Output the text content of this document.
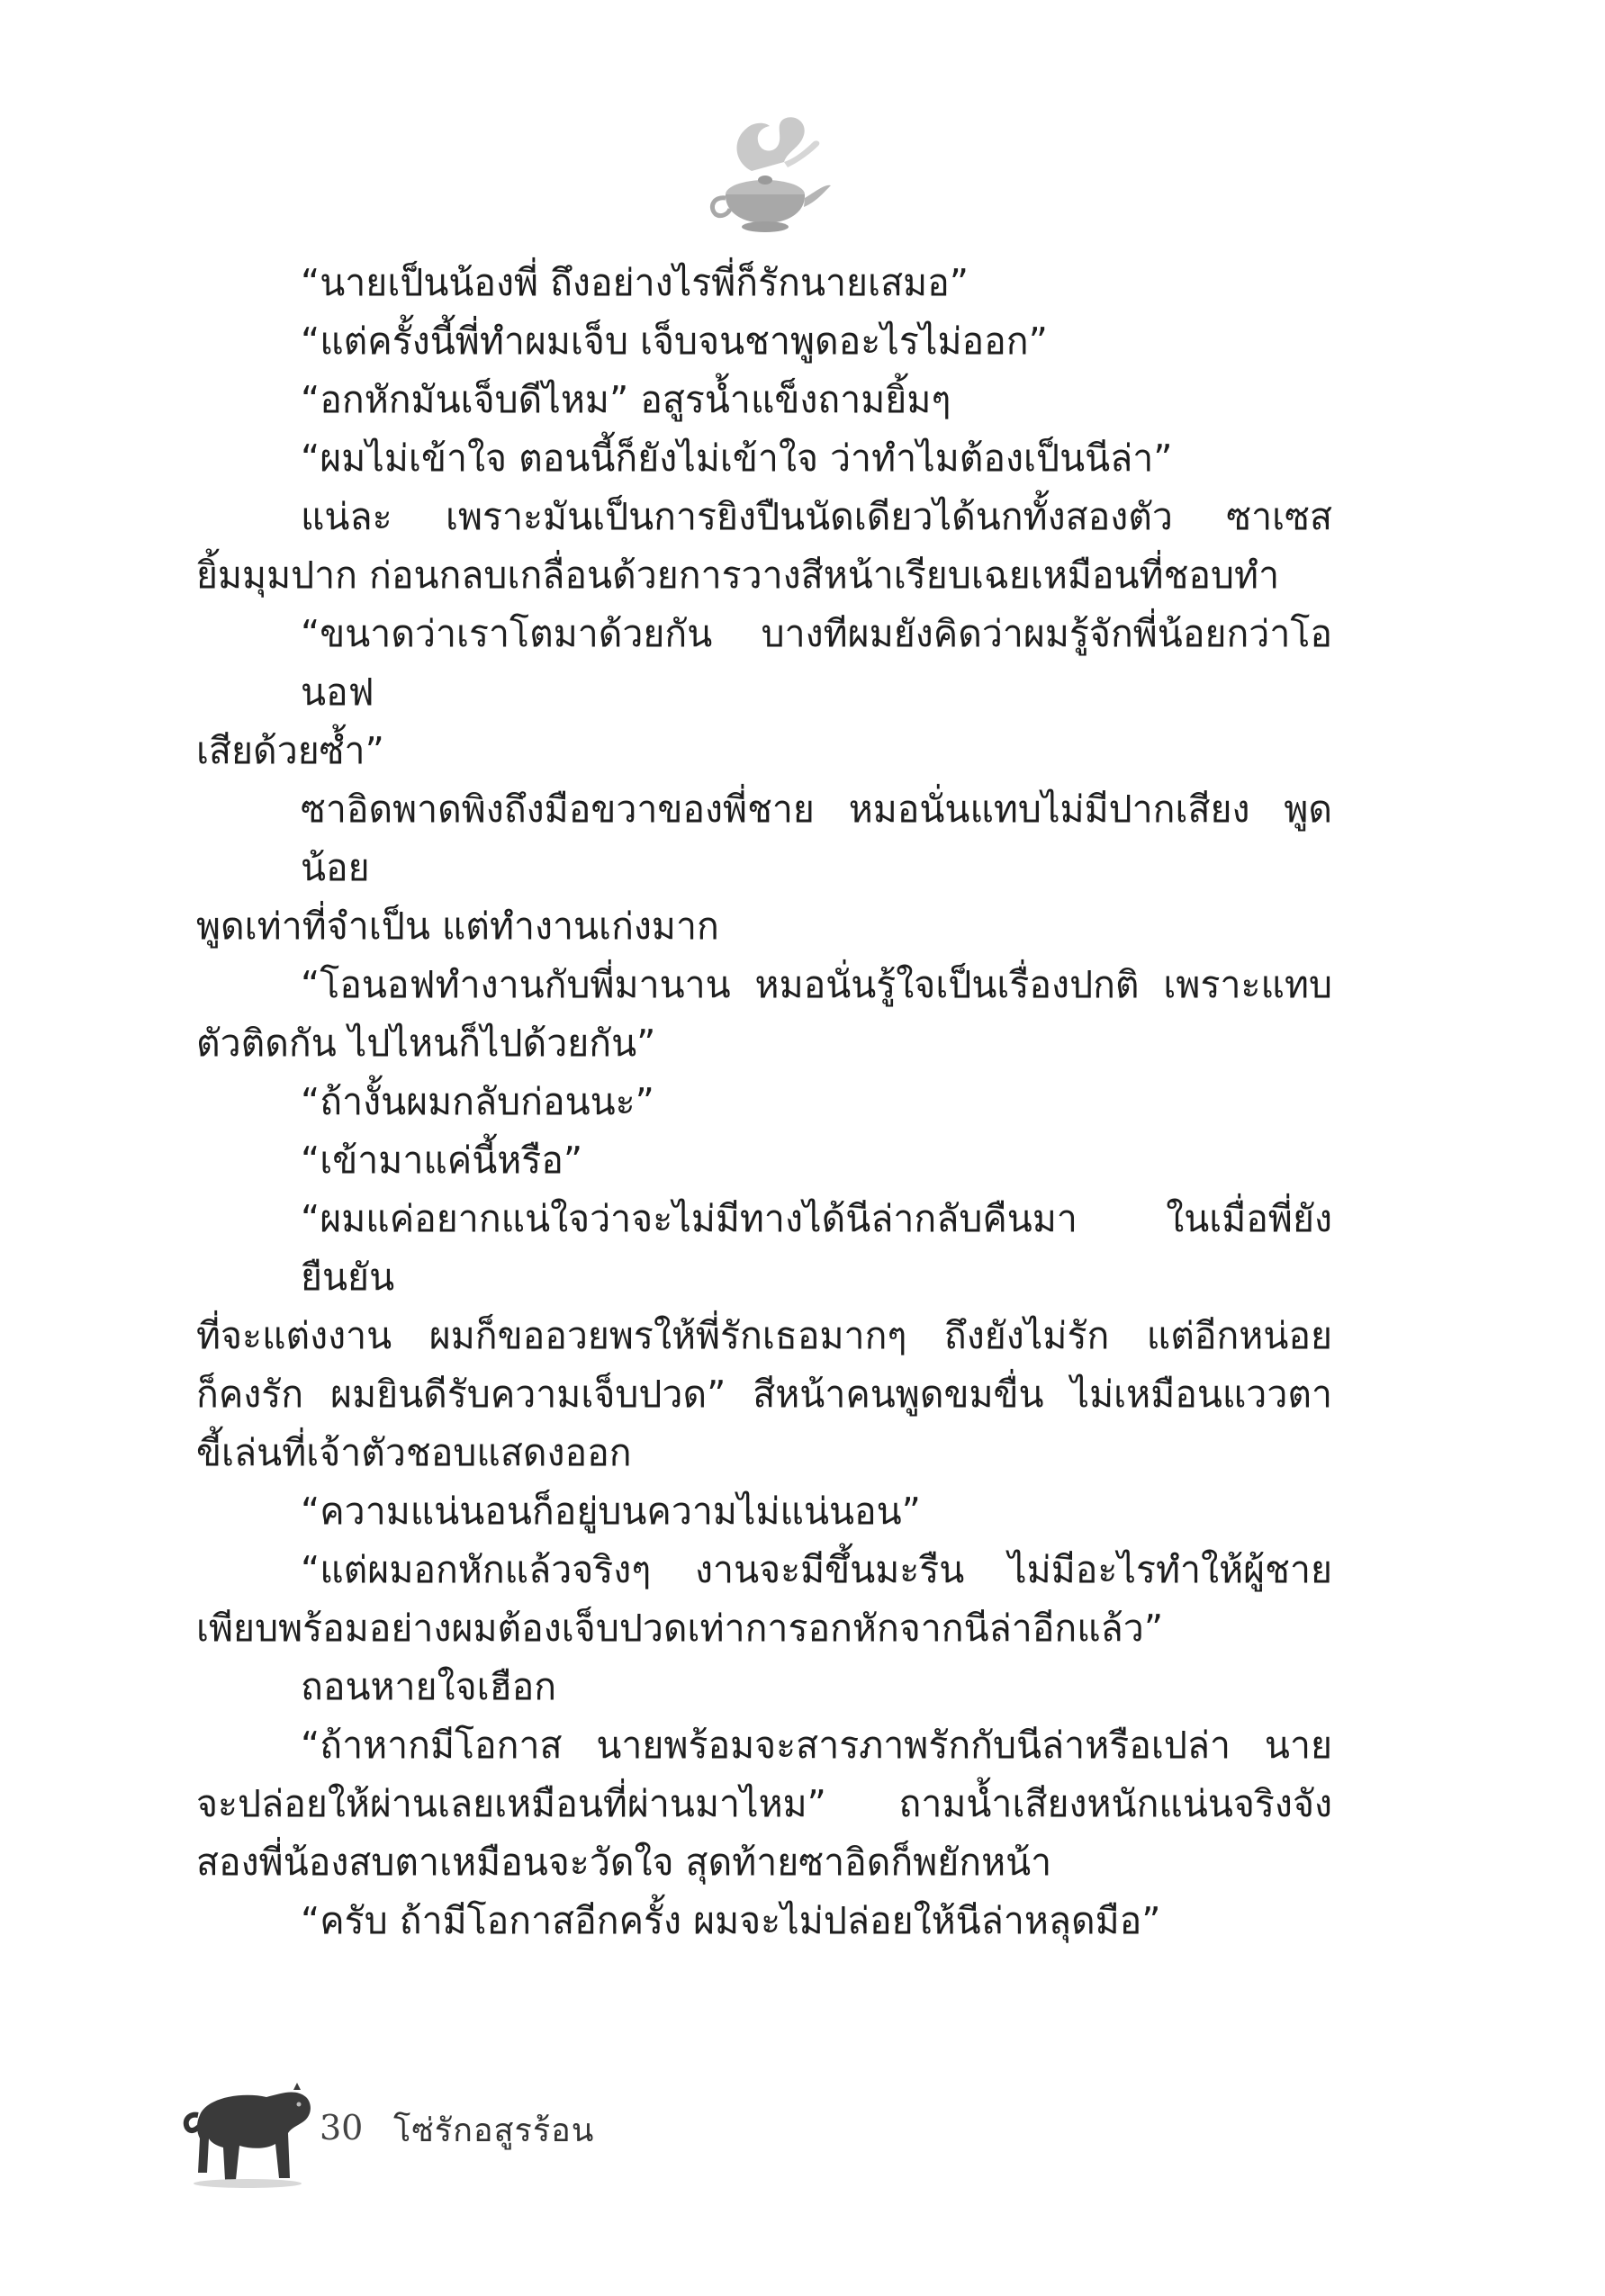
“นายเป็นน้องพี่ ถึงอย่างไรพี่ก็รักนายเสมอ”

“แต่ครั้งนี้พี่ทำผมเจ็บ เจ็บจนชาพูดอะไรไม่ออก”

“อกหักมันเจ็บดีไหม” อสูรน้ำแข็งถามยิ้มๆ

“ผมไม่เข้าใจ ตอนนี้ก็ยังไม่เข้าใจ ว่าทำไมต้องเป็นนีล่า”

แน่ละ เพราะมันเป็นการยิงปืนนัดเดียวได้นกทั้งสองตัว ซาเซส
ยิ้มมุมปาก ก่อนกลบเกลื่อนด้วยการวางสีหน้าเรียบเฉยเหมือนที่ชอบทำ

“ขนาดว่าเราโตมาด้วยกัน บางทีผมยังคิดว่าผมรู้จักพี่น้อยกว่าโอนอฟ
เสียด้วยซ้ำ”

ซาอิดพาดพิงถึงมือขวาของพี่ชาย หมอนั่นแทบไม่มีปากเสียง พูดน้อย
พูดเท่าที่จำเป็น แต่ทำงานเก่งมาก

“โอนอฟทำงานกับพี่มานาน หมอนั่นรู้ใจเป็นเรื่องปกติ เพราะแทบ
ตัวติดกัน ไปไหนก็ไปด้วยกัน”

“ถ้างั้นผมกลับก่อนนะ”

“เข้ามาแค่นี้หรือ”

“ผมแค่อยากแน่ใจว่าจะไม่มีทางได้นีล่ากลับคืนมา ในเมื่อพี่ยังยืนยัน
ที่จะแต่งงาน ผมก็ขออวยพรให้พี่รักเธอมากๆ ถึงยังไม่รัก แต่อีกหน่อย
ก็คงรัก ผมยินดีรับความเจ็บปวด” สีหน้าคนพูดขมขื่น ไม่เหมือนแววตา
ขี้เล่นที่เจ้าตัวชอบแสดงออก

“ความแน่นอนก็อยู่บนความไม่แน่นอน”

“แต่ผมอกหักแล้วจริงๆ งานจะมีขึ้นมะรืน ไม่มีอะไรทำให้ผู้ชาย
เพียบพร้อมอย่างผมต้องเจ็บปวดเท่าการอกหักจากนีล่าอีกแล้ว”

ถอนหายใจเฮือก

“ถ้าหากมีโอกาส นายพร้อมจะสารภาพรักกับนีล่าหรือเปล่า นาย
จะปล่อยให้ผ่านเลยเหมือนที่ผ่านมาไหม” ถามน้ำเสียงหนักแน่นจริงจัง
สองพี่น้องสบตาเหมือนจะวัดใจ สุดท้ายซาอิดก็พยักหน้า

“ครับ ถ้ามีโอกาสอีกครั้ง ผมจะไม่ปล่อยให้นีล่าหลุดมือ”

30 โซ่รักอสูรร้อน
